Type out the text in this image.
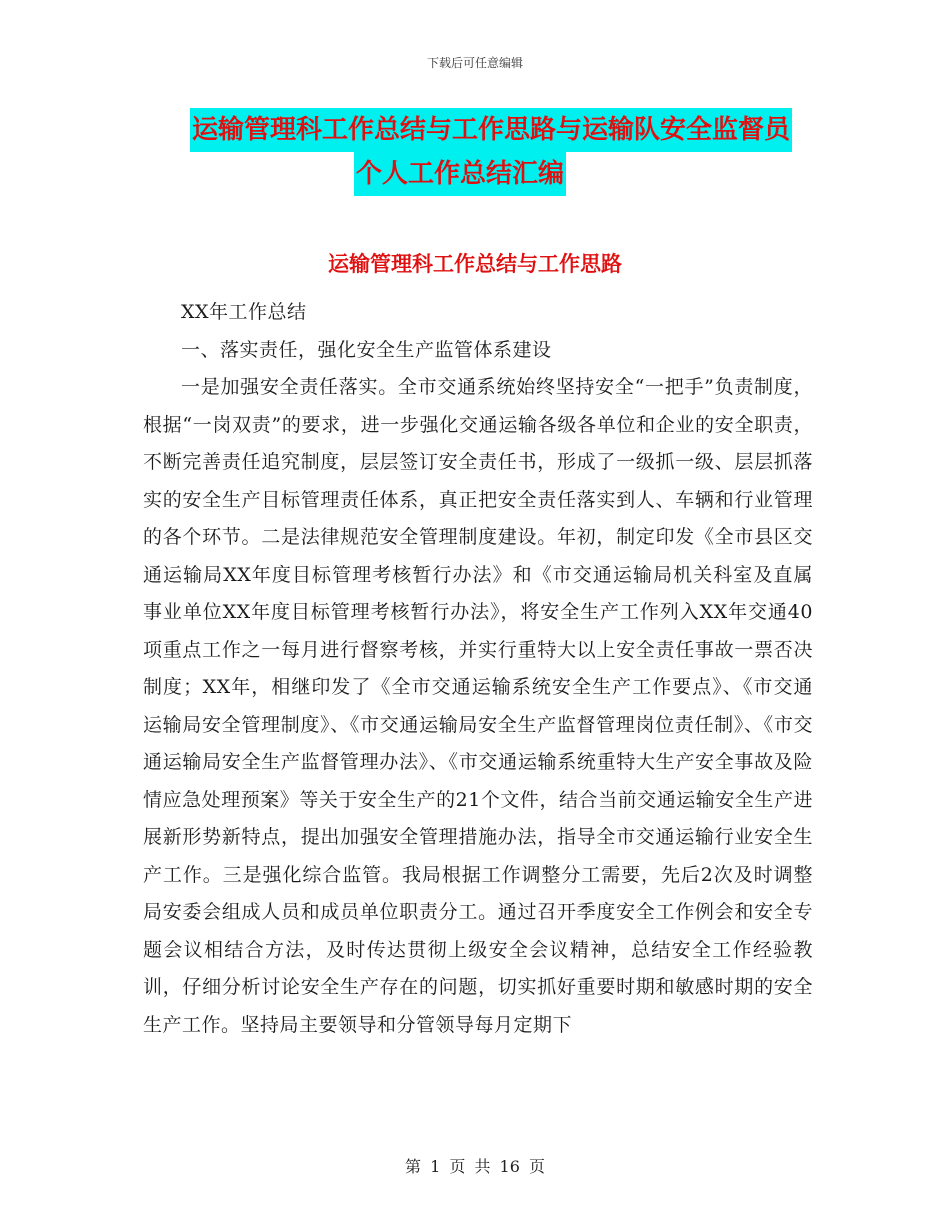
下载后可任意编辑
运输管理科工作总结与工作思路与运输队安全监督员
个人工作总结汇编
运输管理科工作总结与工作思路

XX年工作总结

一、落实责任，强化安全生产监管体系建设

一是加强安全责任落实。全市交通系统始终坚持安全“一把手”负责制度，根据“一岗双责”的要求，进一步强化交通运输各级各单位和企业的安全职责，不断完善责任追究制度，层层签订安全责任书，形成了一级抓一级、层层抓落实的安全生产目标管理责任体系，真正把安全责任落实到人、车辆和行业管理的各个环节。二是法律规范安全管理制度建设。年初，制定印发《全市县区交通运输局XX年度目标管理考核暂行办法》和《市交通运输局机关科室及直属事业单位XX年度目标管理考核暂行办法》，将安全生产工作列入XX年交通40项重点工作之一每月进行督察考核，并实行重特大以上安全责任事故一票否决制度；XX年，相继印发了《全市交通运输系统安全生产工作要点》、《市交通运输局安全管理制度》、《市交通运输局安全生产监督管理岗位责任制》、《市交通运输局安全生产监督管理办法》、《市交通运输系统重特大生产安全事故及险情应急处理预案》等关于安全生产的21个文件，结合当前交通运输安全生产进展新形势新特点，提出加强安全管理措施办法，指导全市交通运输行业安全生产工作。三是强化综合监管。我局根据工作调整分工需要，先后2次及时调整局安委会组成人员和成员单位职责分工。通过召开季度安全工作例会和安全专题会议相结合方法，及时传达贯彻上级安全会议精神，总结安全工作经验教训，仔细分析讨论安全生产存在的问题，切实抓好重要时期和敏感时期的安全生产工作。坚持局主要领导和分管领导每月定期下

第 1 页 共 16 页
